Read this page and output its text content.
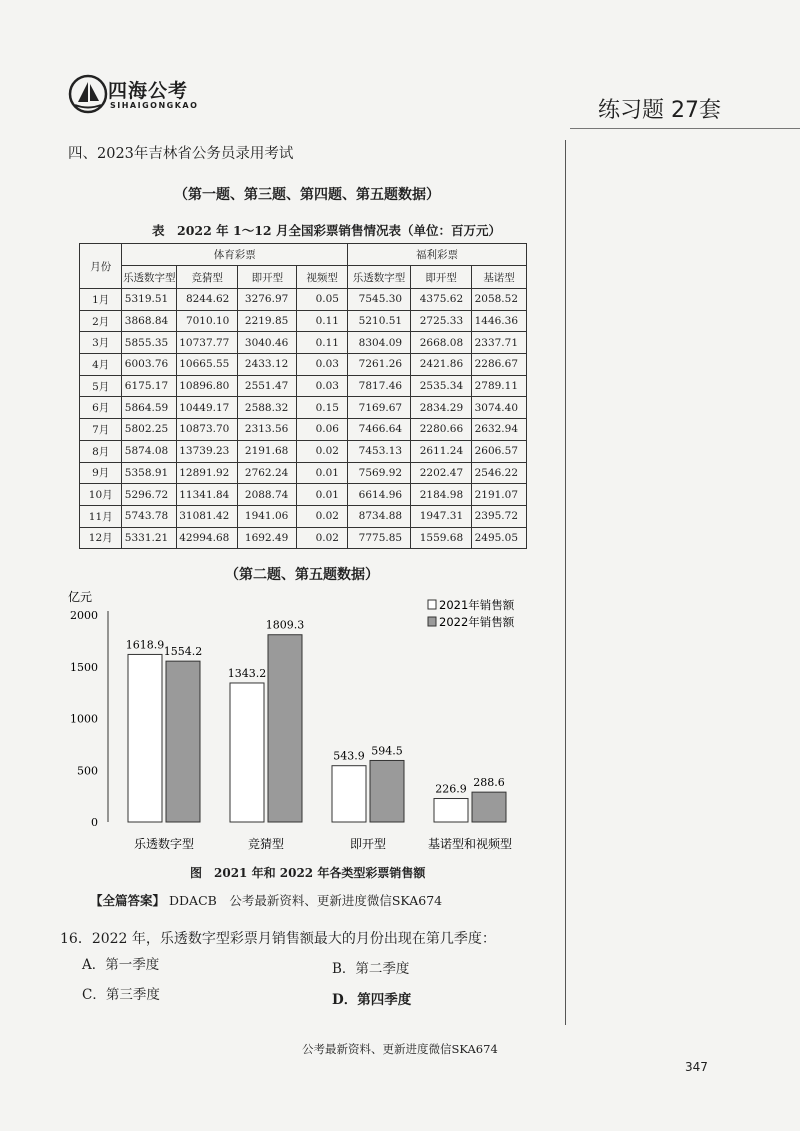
四海公考
SIHAIGONGKAO	练习题 27套
四、2023年吉林省公务员录用考试
（第一题、第三题、第四题、第五题数据）
表　2022 年 1～12 月全国彩票销售情况表（单位：百万元）
月份	体育彩票				福利彩票		
	乐透数字型	竞猜型	即开型	视频型	乐透数字型	即开型	基诺型
1月	5319.51	8244.62	3276.97	0.05	7545.30	4375.62	2058.52
2月	3868.84	7010.10	2219.85	0.11	5210.51	2725.33	1446.36
3月	5855.35	10737.77	3040.46	0.11	8304.09	2668.08	2337.71
4月	6003.76	10665.55	2433.12	0.03	7261.26	2421.86	2286.67
5月	6175.17	10896.80	2551.47	0.03	7817.46	2535.34	2789.11
6月	5864.59	10449.17	2588.32	0.15	7169.67	2834.29	3074.40
7月	5802.25	10873.70	2313.56	0.06	7466.64	2280.66	2632.94
8月	5874.08	13739.23	2191.68	0.02	7453.13	2611.24	2606.57
9月	5358.91	12891.92	2762.24	0.01	7569.92	2202.47	2546.22
10月	5296.72	11341.84	2088.74	0.01	6614.96	2184.98	2191.07
11月	5743.78	31081.42	1941.06	0.02	8734.88	1947.31	2395.72
12月	5331.21	42994.68	1692.49	0.02	7775.85	1559.68	2495.05
（第二题、第五题数据）
亿元
0
500
1000
1500
2000
1618.9
1554.2
乐透数字型
1343.2
1809.3
竞猜型
543.9 594.5
即开型
226.9 288.6
基诺型和视频型
2021年销售额
2022年销售额
图　2021 年和 2022 年各类型彩票销售额
【全篇答案】 DDACB　公考最新资料、更新进度微信SKA674
16．2022 年，乐透数字型彩票月销售额最大的月份出现在第几季度：
A．第一季度	B．第二季度
C．第三季度	D．第四季度
公考最新资料、更新进度微信SKA674
347
